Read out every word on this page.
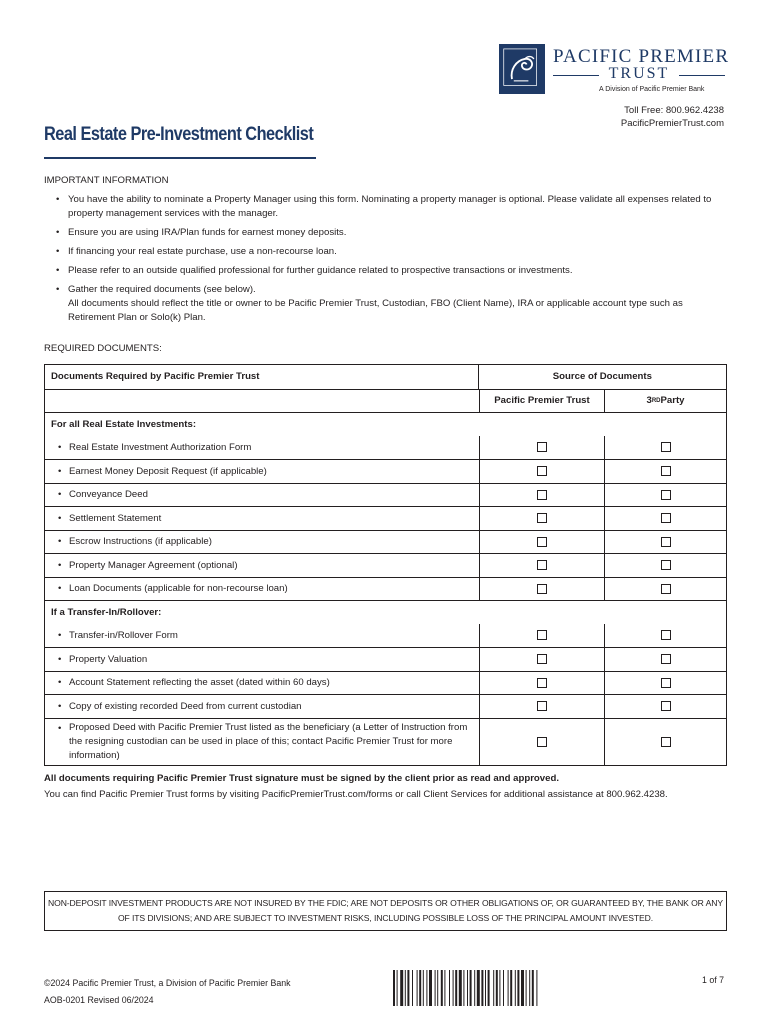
PACIFIC PREMIER
TRUST
A Division of Pacific Premier Bank
Toll Free: 800.962.4238
PacificPremierTrust.com
Real Estate Pre-Investment Checklist
IMPORTANT INFORMATION
• You have the ability to nominate a Property Manager using this form. Nominating a property manager is optional. Please validate all expenses related to property management services with the manager.
• Ensure you are using IRA/Plan funds for earnest money deposits.
• If financing your real estate purchase, use a non-recourse loan.
• Please refer to an outside qualified professional for further guidance related to prospective transactions or investments.
• Gather the required documents (see below).
All documents should reflect the title or owner to be Pacific Premier Trust, Custodian, FBO (Client Name), IRA or applicable account type such as Retirement Plan or Solo(k) Plan.
REQUIRED DOCUMENTS:
Documents Required by Pacific Premier Trust	Source of Documents
Pacific Premier Trust	3 RD Party
For all Real Estate Investments:
• Real Estate Investment Authorization Form
• Earnest Money Deposit Request (if applicable)
• Conveyance Deed
• Settlement Statement
• Escrow Instructions (if applicable)
• Property Manager Agreement (optional)
• Loan Documents (applicable for non-recourse loan)
If a Transfer-In/Rollover:
• Transfer-in/Rollover Form
• Property Valuation
• Account Statement reflecting the asset (dated within 60 days)
• Copy of existing recorded Deed from current custodian
• Proposed Deed with Pacific Premier Trust listed as the beneficiary (a Letter of Instruction from the resigning custodian can be used in place of this; contact Pacific Premier Trust for more information)
All documents requiring Pacific Premier Trust signature must be signed by the client prior as read and approved.
You can find Pacific Premier Trust forms by visiting PacificPremierTrust.com/forms or call Client Services for additional assistance at 800.962.4238.
NON-DEPOSIT INVESTMENT PRODUCTS ARE NOT INSURED BY THE FDIC; ARE NOT DEPOSITS OR OTHER OBLIGATIONS OF, OR GUARANTEED BY, THE BANK OR ANY OF ITS DIVISIONS; AND ARE SUBJECT TO INVESTMENT RISKS, INCLUDING POSSIBLE LOSS OF THE PRINCIPAL AMOUNT INVESTED.
©2024 Pacific Premier Trust, a Division of Pacific Premier Bank
AOB-0201 Revised 06/2024
1 of 7
